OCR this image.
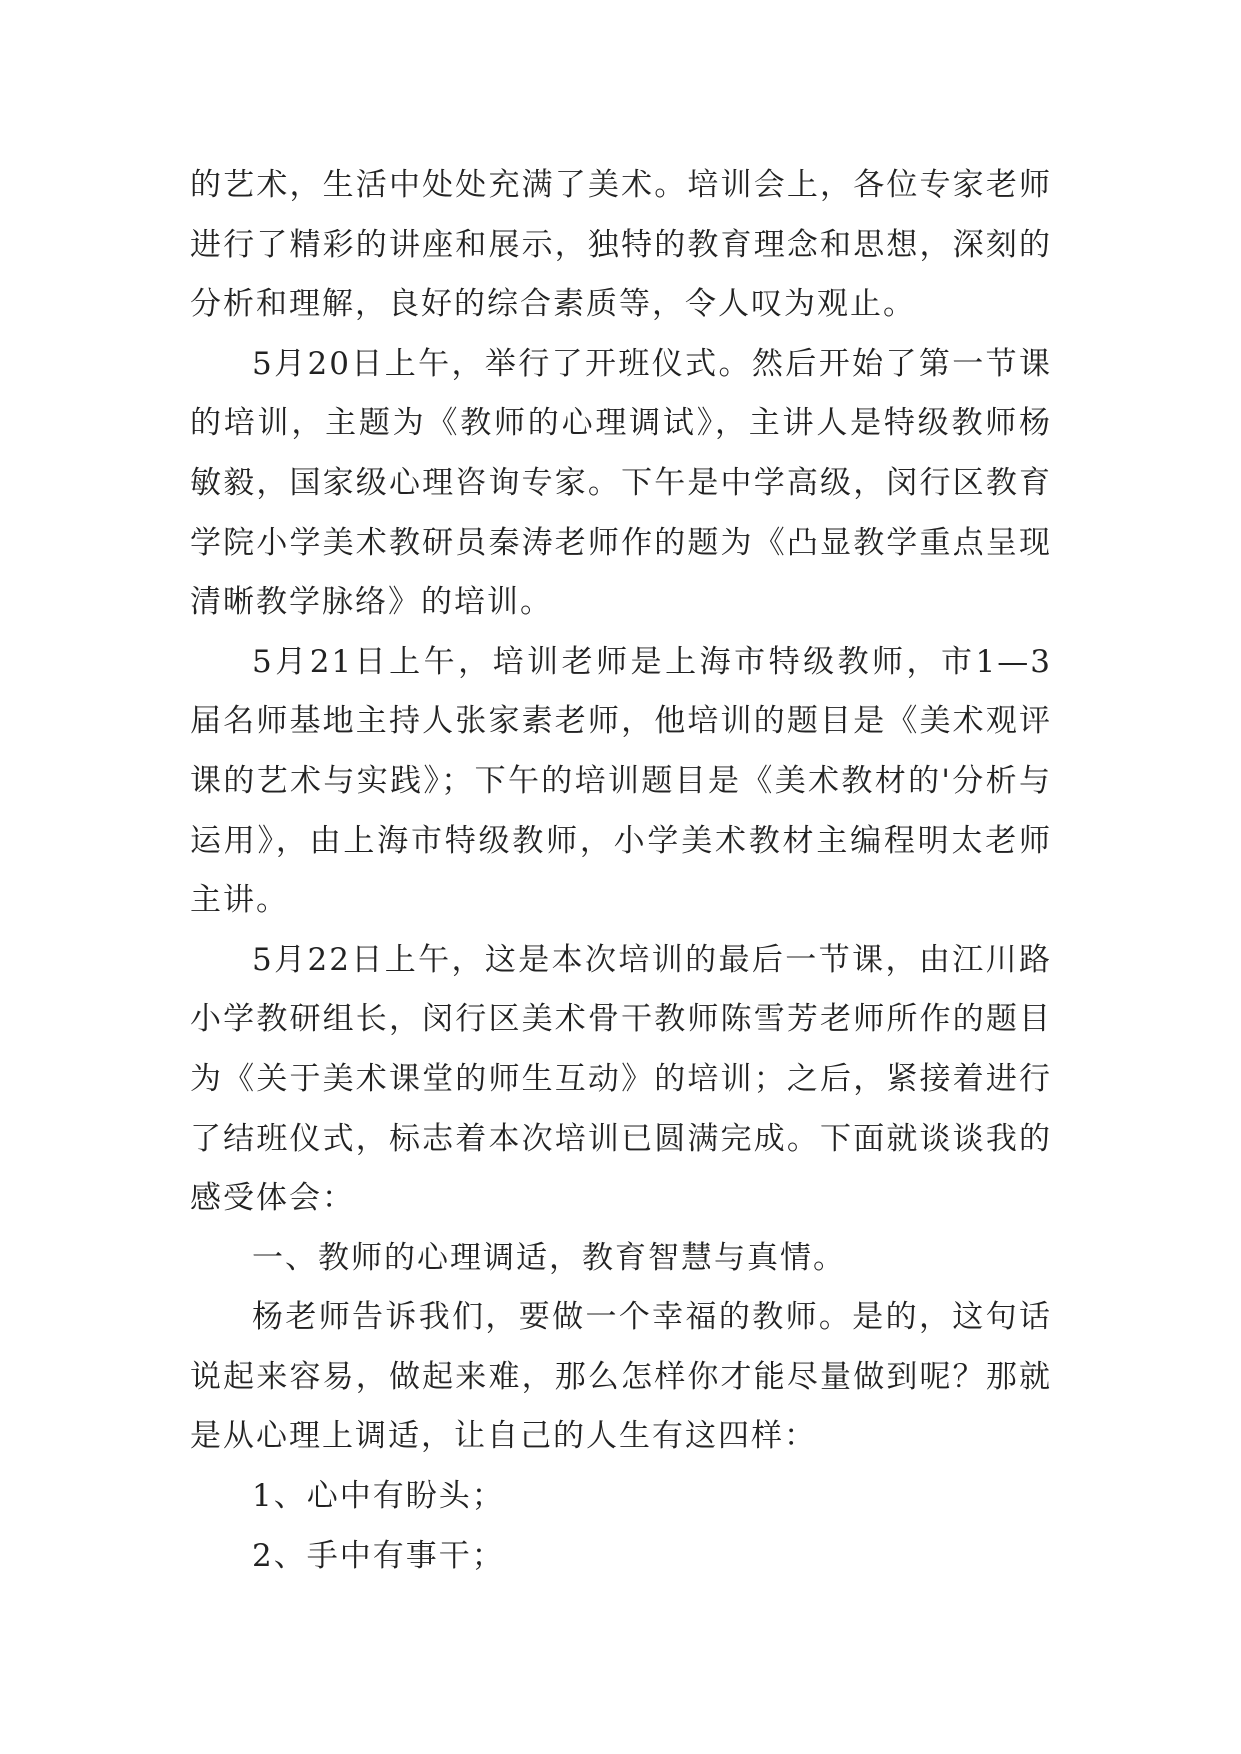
的艺术，生活中处处充满了美术。培训会上，各位专家老师进行了精彩的讲座和展示，独特的教育理念和思想，深刻的分析和理解，良好的综合素质等，令人叹为观止。

5月20日上午，举行了开班仪式。然后开始了第一节课的培训，主题为《教师的心理调试》，主讲人是特级教师杨敏毅，国家级心理咨询专家。下午是中学高级，闵行区教育学院小学美术教研员秦涛老师作的题为《凸显教学重点呈现清晰教学脉络》的培训。

5月21日上午，培训老师是上海市特级教师，市1—3届名师基地主持人张家素老师，他培训的题目是《美术观评课的艺术与实践》；下午的培训题目是《美术教材的'分析与运用》，由上海市特级教师，小学美术教材主编程明太老师主讲。

5月22日上午，这是本次培训的最后一节课，由江川路小学教研组长，闵行区美术骨干教师陈雪芳老师所作的题目为《关于美术课堂的师生互动》的培训；之后，紧接着进行了结班仪式，标志着本次培训已圆满完成。下面就谈谈我的感受体会：

一、教师的心理调适，教育智慧与真情。

杨老师告诉我们，要做一个幸福的教师。是的，这句话说起来容易，做起来难，那么怎样你才能尽量做到呢？那就是从心理上调适，让自己的人生有这四样：

1、心中有盼头；

2、手中有事干；
